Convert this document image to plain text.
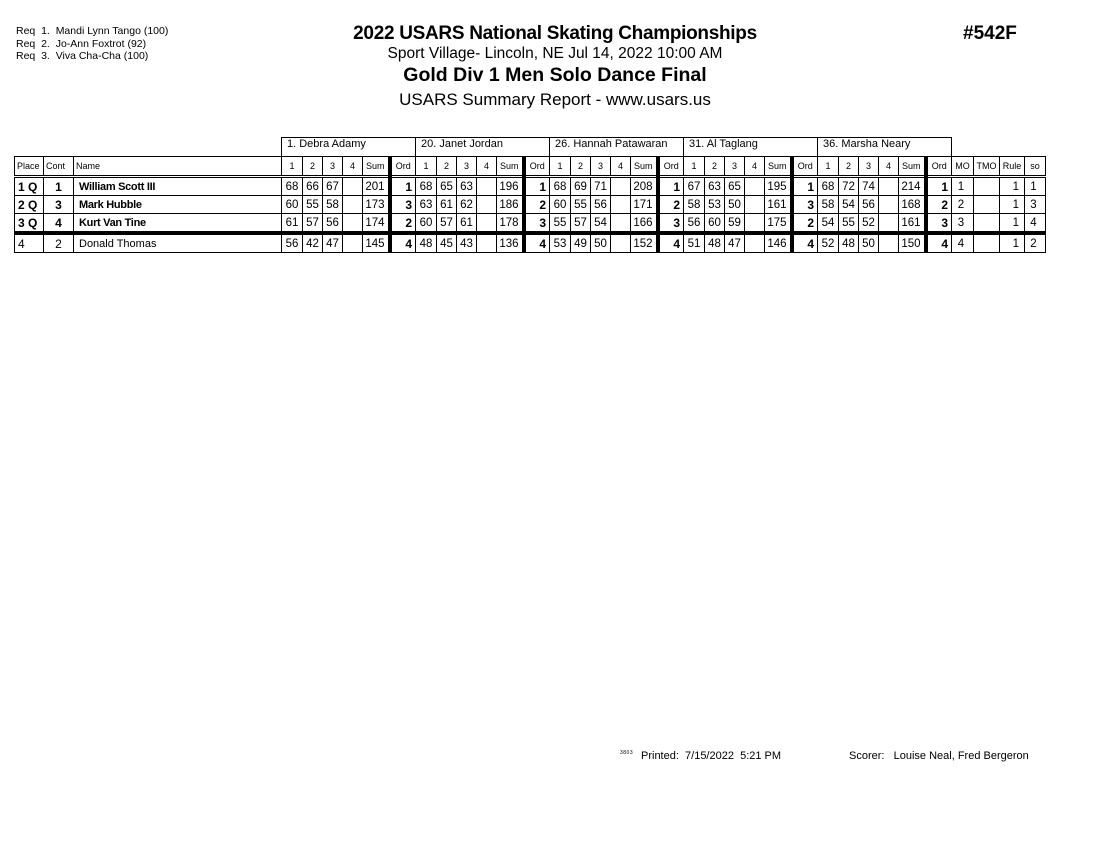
Req  1.  Mandi Lynn Tango (100)
Req  2.  Jo-Ann Foxtrot (92)
Req  3.  Viva Cha-Cha (100)
2022 USARS National Skating Championships
Sport Village- Lincoln, NE Jul 14, 2022 10:00 AM
Gold Div 1 Men Solo Dance Final
USARS Summary Report - www.usars.us
#542F
			1. Debra Adamy						20. Janet Jordan						26. Hannah Patawaran						31. Al Taglang						36. Marsha Neary									
Place	Cont	Name	1	2	3	4	Sum	Ord	1	2	3	4	Sum	Ord	1	2	3	4	Sum	Ord	1	2	3	4	Sum	Ord	1	2	3	4	Sum	Ord	MO	TMO	Rule	so
1 Q	1	William Scott III	68	66	67		201	1	68	65	63		196	1	68	69	71		208	1	67	63	65		195	1	68	72	74		214	1	1		1	1
2 Q	3	Mark Hubble	60	55	58		173	3	63	61	62		186	2	60	55	56		171	2	58	53	50		161	3	58	54	56		168	2	2		1	3
3 Q	4	Kurt Van Tine	61	57	56		174	2	60	57	61		178	3	55	57	54		166	3	56	60	59		175	2	54	55	52		161	3	3		1	4
4	2	Donald Thomas	56	42	47		145	4	48	45	43		136	4	53	49	50		152	4	51	48	47		146	4	52	48	50		150	4	4		1	2
3803 Printed:  7/15/2022  5:21 PM	Scorer:   Louise Neal, Fred Bergeron
